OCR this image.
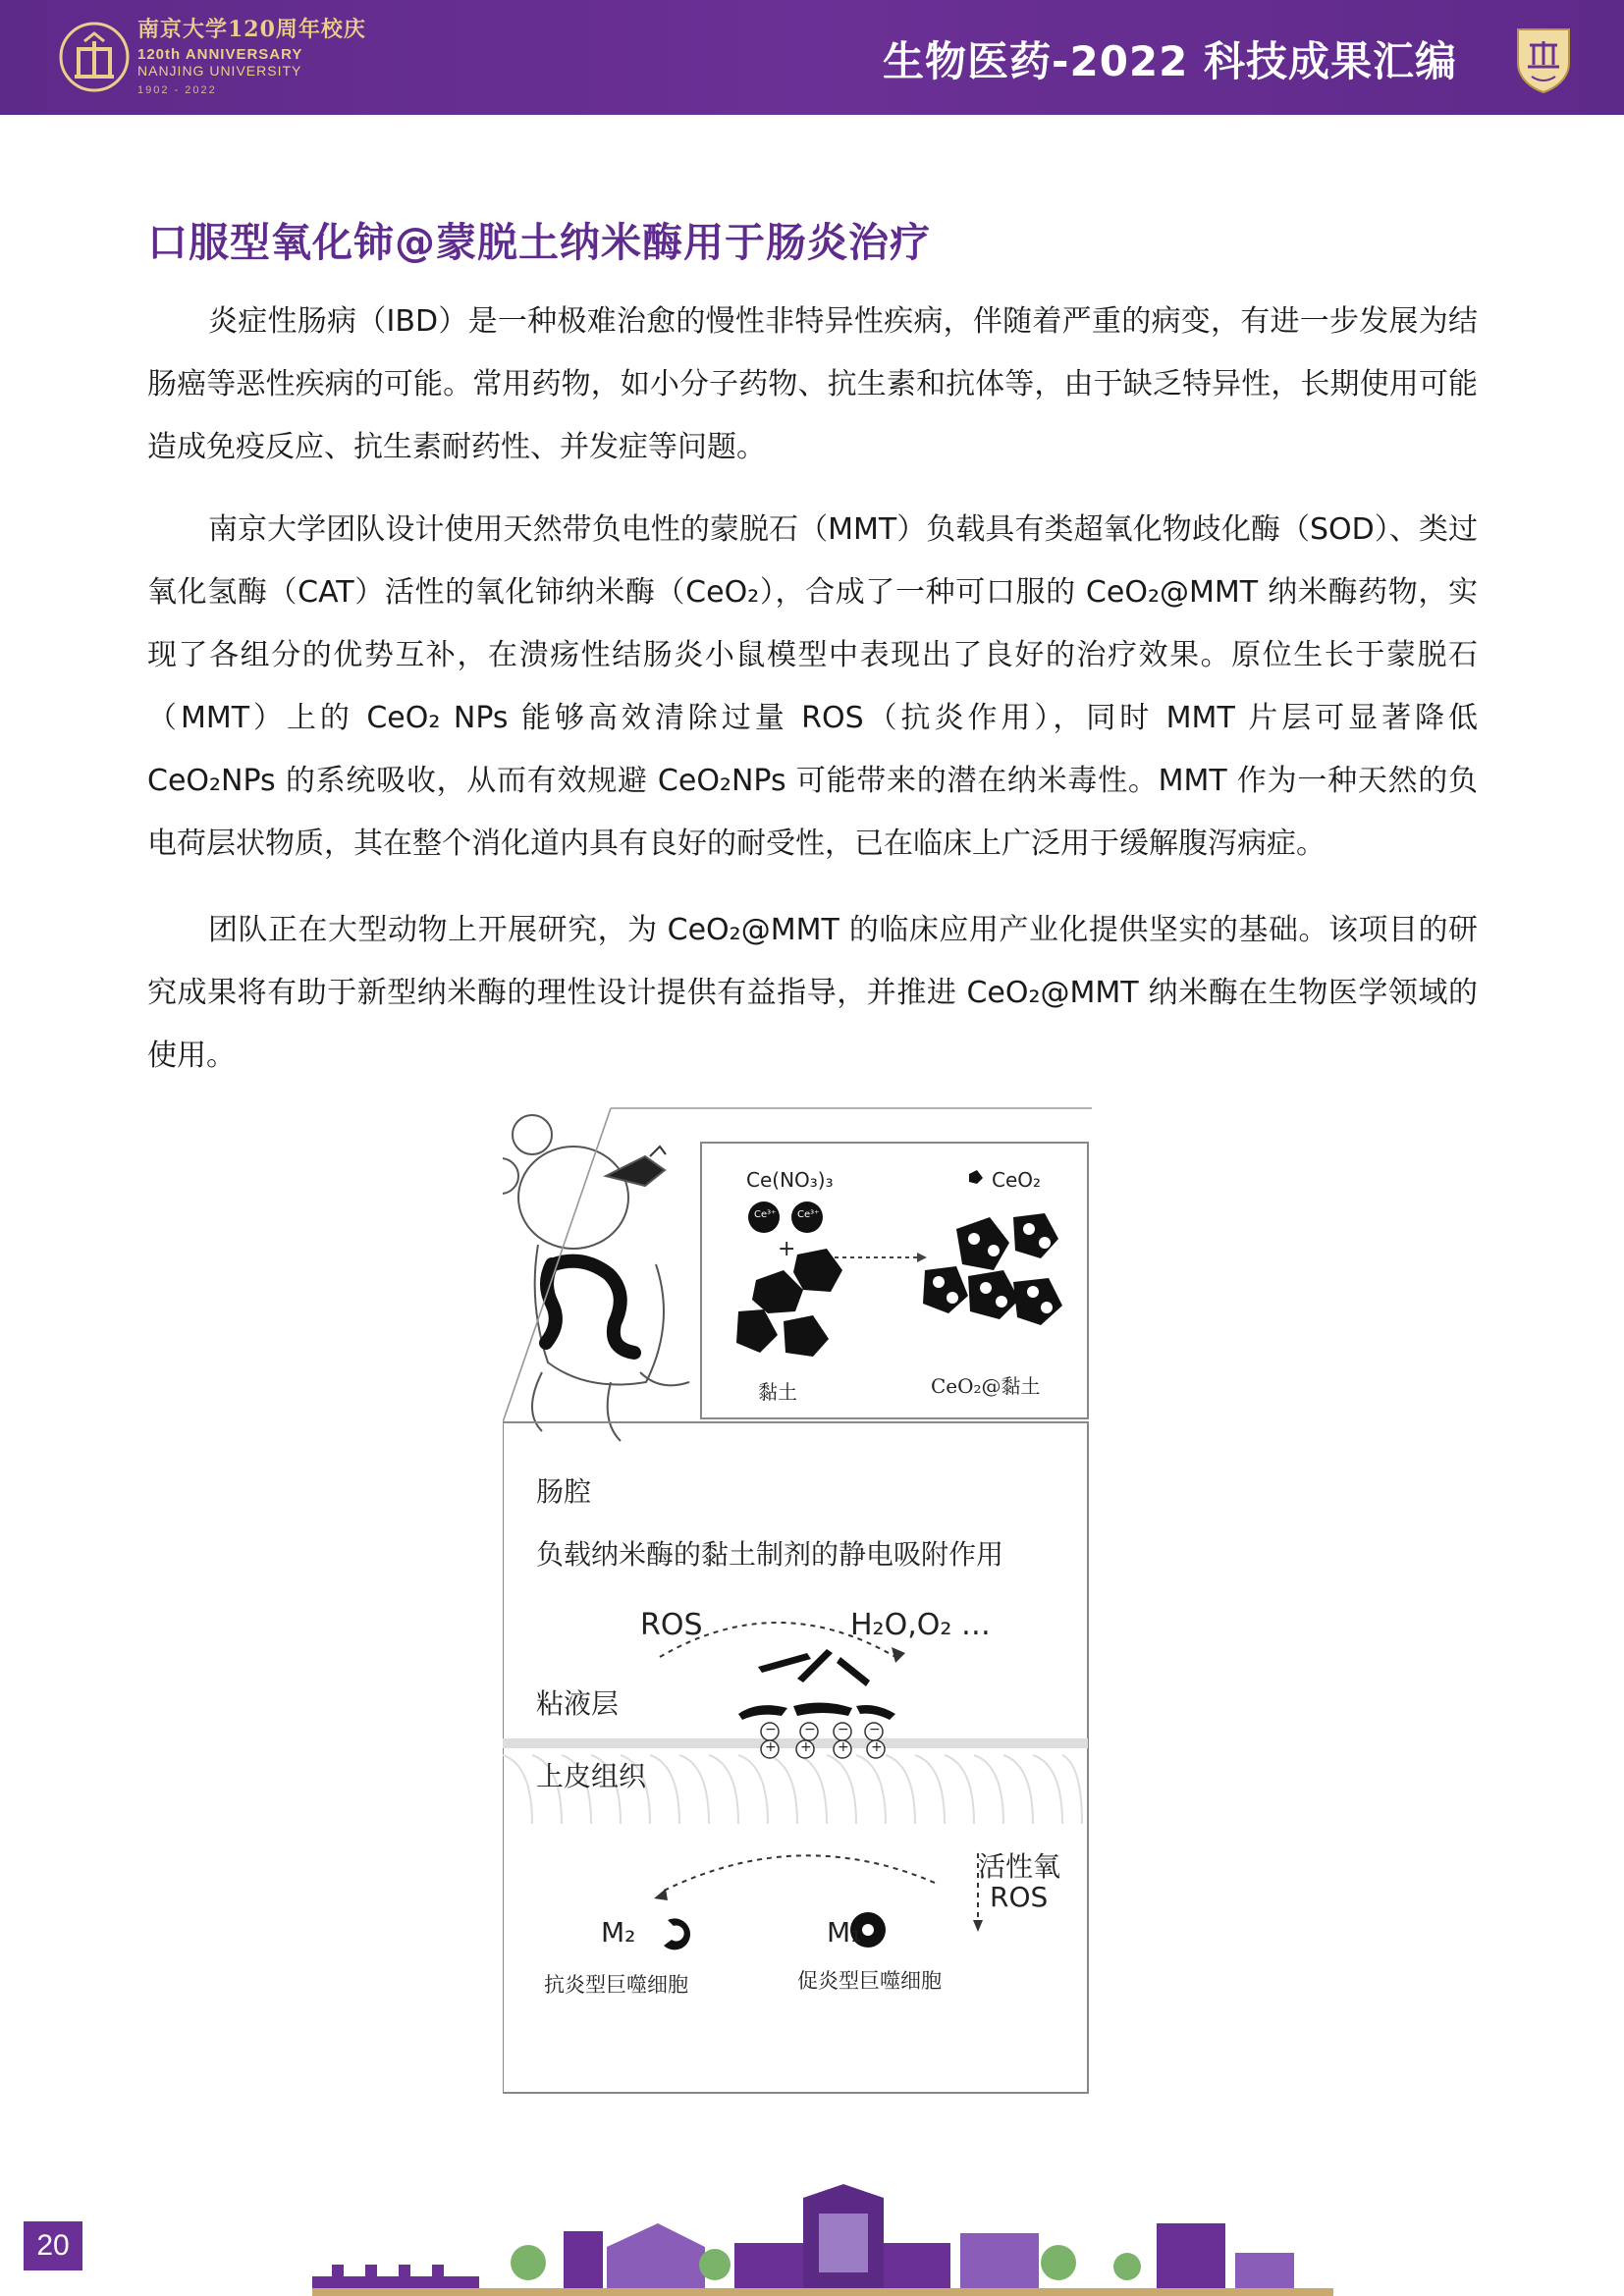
南京大学120周年校庆
120th ANNIVERSARY
NANJING UNIVERSITY
1902 - 2022
生物医药-2022 科技成果汇编
口服型氧化铈@蒙脱土纳米酶用于肠炎治疗

炎症性肠病（IBD）是一种极难治愈的慢性非特异性疾病，伴随着严重的病变，有进一步发展为结肠癌等恶性疾病的可能。常用药物，如小分子药物、抗生素和抗体等，由于缺乏特异性，长期使用可能造成免疫反应、抗生素耐药性、并发症等问题。

南京大学团队设计使用天然带负电性的蒙脱石（MMT）负载具有类超氧化物歧化酶（SOD）、类过氧化氢酶（CAT）活性的氧化铈纳米酶（CeO₂），合成了一种可口服的 CeO₂@MMT 纳米酶药物，实现了各组分的优势互补，在溃疡性结肠炎小鼠模型中表现出了良好的治疗效果。原位生长于蒙脱石（MMT）上的 CeO₂ NPs 能够高效清除过量 ROS（抗炎作用），同时 MMT 片层可显著降低 CeO₂NPs 的系统吸收，从而有效规避 CeO₂NPs 可能带来的潜在纳米毒性。MMT 作为一种天然的负电荷层状物质，其在整个消化道内具有良好的耐受性，已在临床上广泛用于缓解腹泻病症。

团队正在大型动物上开展研究，为 CeO₂@MMT 的临床应用产业化提供坚实的基础。该项目的研究成果将有助于新型纳米酶的理性设计提供有益指导，并推进 CeO₂@MMT 纳米酶在生物医学领域的使用。

Ce(NO₃)₃
Ce³⁺ Ce³⁺
+
CeO₂
黏土	CeO₂@黏土
肠腔
负载纳米酶的黏土制剂的静电吸附作用
ROS	H₂O,O₂ …
粘液层
上皮组织
− − − −
+ + + +
活性氧
ROS
M₂	M₁
抗炎型巨噬细胞	促炎型巨噬细胞
20
